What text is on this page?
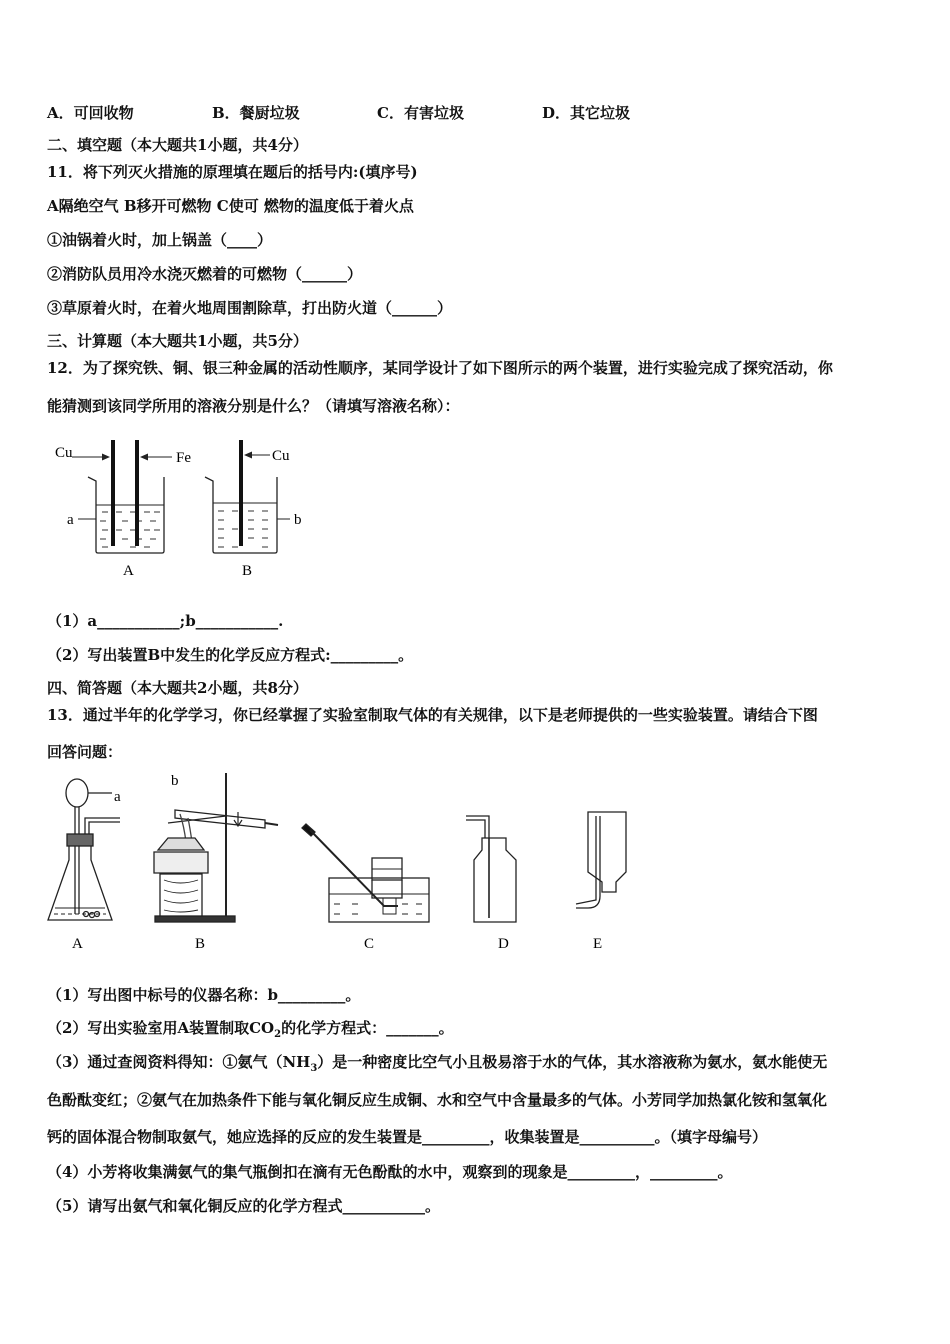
A．可回收物	B．餐厨垃圾	C．有害垃圾	D．其它垃圾
二、填空题（本大题共1小题，共4分）
11．将下列灭火措施的原理填在题后的括号内:(填序号)
A隔绝空气 B移开可燃物 C使可 燃物的温度低于着火点
①油锅着火时，加上锅盖（____）
②消防队员用冷水浇灭燃着的可燃物（______）
③草原着火时，在着火地周围割除草，打出防火道（______）
三、计算题（本大题共1小题，共5分）
12．为了探究铁、铜、银三种金属的活动性顺序，某同学设计了如下图所示的两个装置，进行实验完成了探究活动，你
能猜测到该同学所用的溶液分别是什么？（请填写溶液名称）：
Cu	Fe
a
A
Cu
b
B
（1）a___________;b___________.
（2）写出装置B中发生的化学反应方程式:_________。
四、简答题（本大题共2小题，共8分）
13．通过半年的化学学习，你已经掌握了实验室制取气体的有关规律，以下是老师提供的一些实验装置。请结合下图
回答问题：
a
A
b
B	C	D	E
（1）写出图中标号的仪器名称：b_________。
（2）写出实验室用A装置制取$CO_2$的化学方程式：_______。
（3）通过查阅资料得知：①氨气$(NH_3)$是一种密度比空气小且极易溶于水的气体，其水溶液称为氨水，氨水能使无
色酚酞变红；②氨气在加热条件下能与氧化铜反应生成铜、水和空气中含量最多的气体。小芳同学加热氯化铵和氢氧化
钙的固体混合物制取氨气，她应选择的反应的发生装置是_________，收集装置是__________。（填字母编号）
（4）小芳将收集满氨气的集气瓶倒扣在滴有无色酚酞的水中，观察到的现象是_________，_________。
（5）请写出氨气和氧化铜反应的化学方程式___________。
